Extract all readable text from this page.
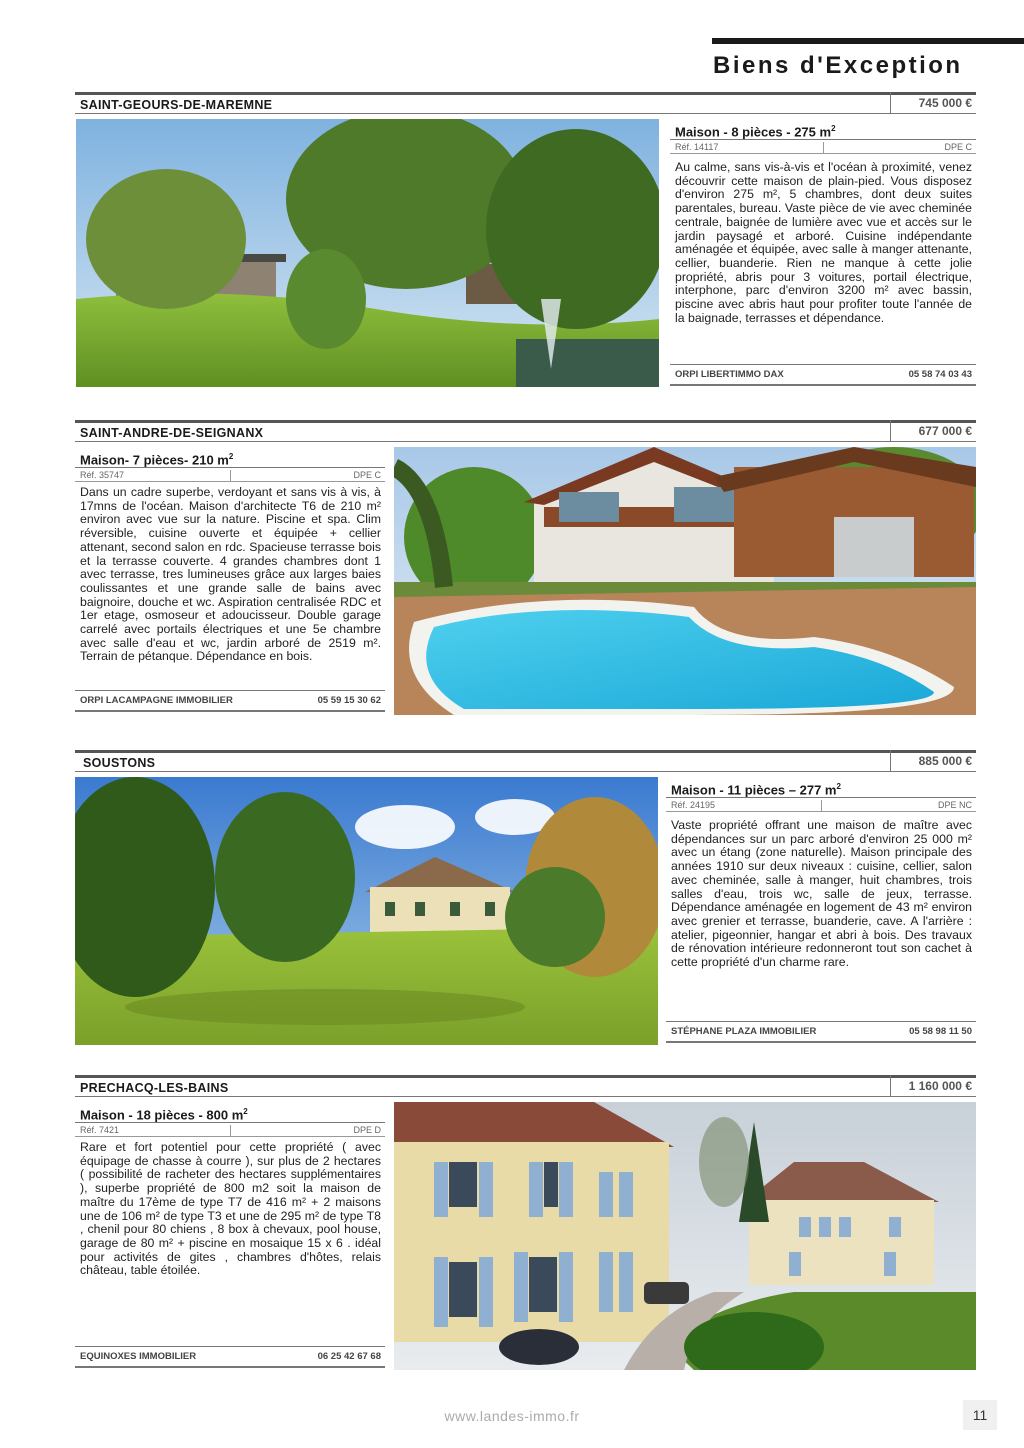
Biens d'Exception
SAINT-GEOURS-DE-MAREMNE	745 000 €
Maison - 8 pièces - 275 $m^2$
Réf. 14117	DPE C
Au calme, sans vis-à-vis et l'océan à proximité, venez découvrir cette maison de plain-pied. Vous disposez d'environ 275 m², 5 chambres, dont deux suites parentales, bureau. Vaste pièce de vie avec cheminée centrale, baignée de lumière avec vue et accès sur le jardin paysagé et arboré. Cuisine indépendante aménagée et équipée, avec salle à manger attenante, cellier, buanderie. Rien ne manque à cette jolie propriété, abris pour 3 voitures, portail électrique, interphone, parc d'environ 3200 m² avec bassin, piscine avec abris haut pour profiter toute l'année de la baignade, terrasses et dépendance.
ORPI LIBERTIMMO DAX	05 58 74 03 43
SAINT-ANDRE-DE-SEIGNANX	677 000 €
Maison- 7 pièces- 210 $m^2$
Réf. 35747	DPE C
Dans un cadre superbe, verdoyant et sans vis à vis, à 17mns de l'océan. Maison d'architecte T6 de 210 m² environ avec vue sur la nature. Piscine et spa. Clim réversible, cuisine ouverte et équipée + cellier attenant, second salon en rdc. Spacieuse terrasse bois et la terrasse couverte. 4 grandes chambres dont 1 avec terrasse, tres lumineuses grâce aux larges baies coulissantes et une grande salle de bains avec baignoire, douche et wc. Aspiration centralisée RDC et 1er etage, osmoseur et adoucisseur. Double garage carrelé avec portails électriques et une 5e chambre avec salle d'eau et wc, jardin arboré de 2519 m². Terrain de pétanque. Dépendance en bois.
ORPI LACAMPAGNE IMMOBILIER	05 59 15 30 62
SOUSTONS	885 000 €
Maison - 11 pièces – 277 $m^2$
Réf. 24195	DPE NC
Vaste propriété offrant une maison de maître avec dépendances sur un parc arboré d'environ 25 000 m² avec un étang (zone naturelle). Maison principale des années 1910 sur deux niveaux : cuisine, cellier, salon avec cheminée, salle à manger, huit chambres, trois salles d'eau, trois wc, salle de jeux, terrasse. Dépendance aménagée en logement de 43 m² environ avec grenier et terrasse, buanderie, cave. A l'arrière : atelier, pigeonnier, hangar et abri à bois. Des travaux de rénovation intérieure redonneront tout son cachet à cette propriété d'un charme rare.
STÉPHANE PLAZA IMMOBILIER	05 58 98 11 50
PRECHACQ-LES-BAINS	1 160 000 €
Maison - 18 pièces - 800 $m^2$
Réf. 7421	DPE D
Rare et fort potentiel pour cette propriété ( avec équipage de chasse à courre ), sur plus de 2 hectares ( possibilité de racheter des hectares supplémentaires ), superbe propriété de 800 m2 soit la maison de maître du 17ème de type T7 de 416 m² + 2 maisons une de 106 m² de type T3 et une de 295 m² de type T8 , chenil pour 80 chiens , 8 box à chevaux, pool house, garage de 80 m² + piscine en mosaique 15 x 6 . idéal pour activités de gites , chambres d'hôtes, relais château, table étoilée.
EQUINOXES IMMOBILIER	06 25 42 67 68
www.landes-immo.fr	11
